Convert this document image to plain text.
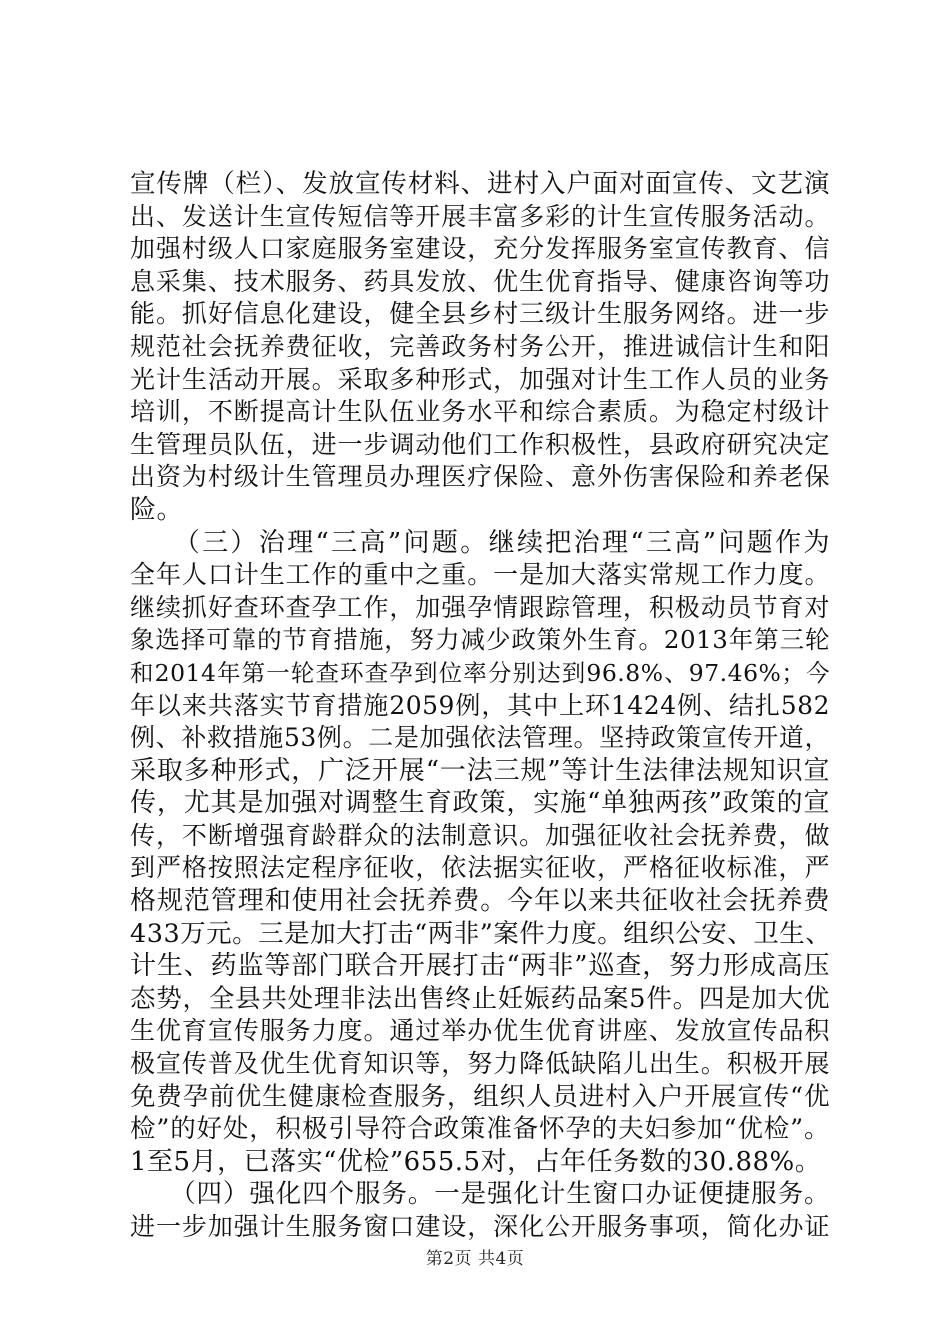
宣传牌（栏）、发放宣传材料、进村入户面对面宣传、文艺演
出、发送计生宣传短信等开展丰富多彩的计生宣传服务活动。
加强村级人口家庭服务室建设，充分发挥服务室宣传教育、信
息采集、技术服务、药具发放、优生优育指导、健康咨询等功
能。抓好信息化建设，健全县乡村三级计生服务网络。进一步
规范社会抚养费征收，完善政务村务公开，推进诚信计生和阳
光计生活动开展。采取多种形式，加强对计生工作人员的业务
培训，不断提高计生队伍业务水平和综合素质。为稳定村级计
生管理员队伍，进一步调动他们工作积极性，县政府研究决定
出资为村级计生管理员办理医疗保险、意外伤害保险和养老保
险。
　　（三）治理“三高”问题。继续把治理“三高”问题作为
全年人口计生工作的重中之重。一是加大落实常规工作力度。
继续抓好查环查孕工作，加强孕情跟踪管理，积极动员节育对
象选择可靠的节育措施，努力减少政策外生育。2013年第三轮
和2014年第一轮查环查孕到位率分别达到96.8%、97.46%；今
年以来共落实节育措施2059例，其中上环1424例、结扎582
例、补救措施53例。二是加强依法管理。坚持政策宣传开道，
采取多种形式，广泛开展“一法三规”等计生法律法规知识宣
传，尤其是加强对调整生育政策，实施“单独两孩”政策的宣
传，不断增强育龄群众的法制意识。加强征收社会抚养费，做
到严格按照法定程序征收，依法据实征收，严格征收标准，严
格规范管理和使用社会抚养费。今年以来共征收社会抚养费
433万元。三是加大打击“两非”案件力度。组织公安、卫生、
计生、药监等部门联合开展打击“两非”巡查，努力形成高压
态势，全县共处理非法出售终止妊娠药品案5件。四是加大优
生优育宣传服务力度。通过举办优生优育讲座、发放宣传品积
极宣传普及优生优育知识等，努力降低缺陷儿出生。积极开展
免费孕前优生健康检查服务，组织人员进村入户开展宣传“优
检”的好处，积极引导符合政策准备怀孕的夫妇参加“优检”。
1至5月，已落实“优检”655.5对，占年任务数的30.88%。
　　（四）强化四个服务。一是强化计生窗口办证便捷服务。
进一步加强计生服务窗口建设，深化公开服务事项，简化办证
第2页 共4页
